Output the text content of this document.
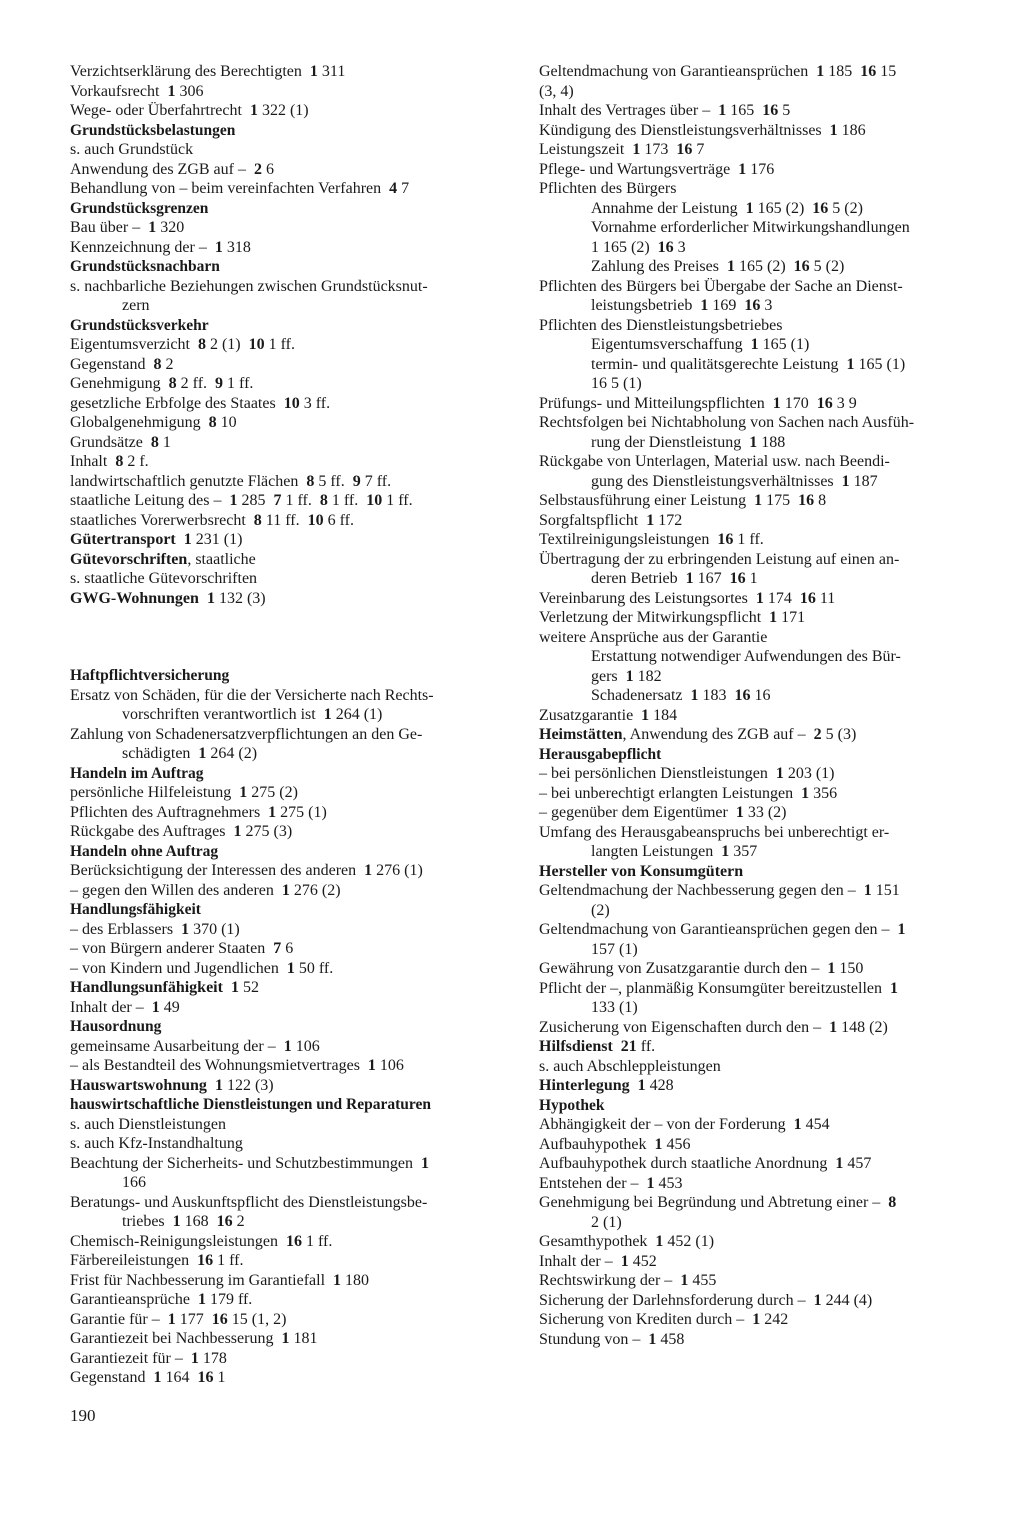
Verzichtserklärung des Berechtigten 1 311
Vorkaufsrecht 1 306
Wege- oder Überfahrtrecht 1 322 (1)
Grundstücksbelastungen
s. auch Grundstück
Anwendung des ZGB auf – 2 6
Behandlung von – beim vereinfachten Verfahren 4 7
Grundstücksgrenzen
Bau über – 1 320
Kennzeichnung der – 1 318
Grundstücksnachbarn
s. nachbarliche Beziehungen zwischen Grundstücksnut-
zern
Grundstücksverkehr
Eigentumsverzicht 8 2 (1) 10 1 ff.
Gegenstand 8 2
Genehmigung 8 2 ff. 9 1 ff.
gesetzliche Erbfolge des Staates 10 3 ff.
Globalgenehmigung 8 10
Grundsätze 8 1
Inhalt 8 2 f.
landwirtschaftlich genutzte Flächen 8 5 ff. 9 7 ff.
staatliche Leitung des – 1 285 7 1 ff. 8 1 ff. 10 1 ff.
staatliches Vorerwerbsrecht 8 11 ff. 10 6 ff.
Gütertransport 1 231 (1)
Gütevorschriften, staatliche
s. staatliche Gütevorschriften
GWG-Wohnungen 1 132 (3)
Haftpflichtversicherung
Ersatz von Schäden, für die der Versicherte nach Rechts-
vorschriften verantwortlich ist 1 264 (1)
Zahlung von Schadenersatzverpflichtungen an den Ge-
schädigten 1 264 (2)
Handeln im Auftrag
persönliche Hilfeleistung 1 275 (2)
Pflichten des Auftragnehmers 1 275 (1)
Rückgabe des Auftrages 1 275 (3)
Handeln ohne Auftrag
Berücksichtigung der Interessen des anderen 1 276 (1)
– gegen den Willen des anderen 1 276 (2)
Handlungsfähigkeit
– des Erblassers 1 370 (1)
– von Bürgern anderer Staaten 7 6
– von Kindern und Jugendlichen 1 50 ff.
Handlungsunfähigkeit 1 52
Inhalt der – 1 49
Hausordnung
gemeinsame Ausarbeitung der – 1 106
– als Bestandteil des Wohnungsmietvertrages 1 106
Hauswartswohnung 1 122 (3)
hauswirtschaftliche Dienstleistungen und Reparaturen
s. auch Dienstleistungen
s. auch Kfz-Instandhaltung
Beachtung der Sicherheits- und Schutzbestimmungen 1
166
Beratungs- und Auskunftspflicht des Dienstleistungsbe-
triebes 1 168 16 2
Chemisch-Reinigungsleistungen 16 1 ff.
Färbereileistungen 16 1 ff.
Frist für Nachbesserung im Garantiefall 1 180
Garantieansprüche 1 179 ff.
Garantie für – 1 177 16 15 (1, 2)
Garantiezeit bei Nachbesserung 1 181
Garantiezeit für – 1 178
Gegenstand 1 164 16 1
Geltendmachung von Garantieansprüchen 1 185 16 15
(3, 4)
Inhalt des Vertrages über – 1 165 16 5
Kündigung des Dienstleistungsverhältnisses 1 186
Leistungszeit 1 173 16 7
Pflege- und Wartungsverträge 1 176
Pflichten des Bürgers
Annahme der Leistung 1 165 (2) 16 5 (2)
Vornahme erforderlicher Mitwirkungshandlungen
1 165 (2) 16 3
Zahlung des Preises 1 165 (2) 16 5 (2)
Pflichten des Bürgers bei Übergabe der Sache an Dienst-
leistungsbetrieb 1 169 16 3
Pflichten des Dienstleistungsbetriebes
Eigentumsverschaffung 1 165 (1)
termin- und qualitätsgerechte Leistung 1 165 (1)
16 5 (1)
Prüfungs- und Mitteilungspflichten 1 170 16 3 9
Rechtsfolgen bei Nichtabholung von Sachen nach Ausfüh-
rung der Dienstleistung 1 188
Rückgabe von Unterlagen, Material usw. nach Beendi-
gung des Dienstleistungsverhältnisses 1 187
Selbstausführung einer Leistung 1 175 16 8
Sorgfaltspflicht 1 172
Textilreinigungsleistungen 16 1 ff.
Übertragung der zu erbringenden Leistung auf einen an-
deren Betrieb 1 167 16 1
Vereinbarung des Leistungsortes 1 174 16 11
Verletzung der Mitwirkungspflicht 1 171
weitere Ansprüche aus der Garantie
Erstattung notwendiger Aufwendungen des Bür-
gers 1 182
Schadenersatz 1 183 16 16
Zusatzgarantie 1 184
Heimstätten, Anwendung des ZGB auf – 2 5 (3)
Herausgabepflicht
– bei persönlichen Dienstleistungen 1 203 (1)
– bei unberechtigt erlangten Leistungen 1 356
– gegenüber dem Eigentümer 1 33 (2)
Umfang des Herausgabeanspruchs bei unberechtigt er-
langten Leistungen 1 357
Hersteller von Konsumgütern
Geltendmachung der Nachbesserung gegen den – 1 151
(2)
Geltendmachung von Garantieansprüchen gegen den – 1
157 (1)
Gewährung von Zusatzgarantie durch den – 1 150
Pflicht der –, planmäßig Konsumgüter bereitzustellen 1
133 (1)
Zusicherung von Eigenschaften durch den – 1 148 (2)
Hilfsdienst 21 ff.
s. auch Abschleppleistungen
Hinterlegung 1 428
Hypothek
Abhängigkeit der – von der Forderung 1 454
Aufbauhypothek 1 456
Aufbauhypothek durch staatliche Anordnung 1 457
Entstehen der – 1 453
Genehmigung bei Begründung und Abtretung einer – 8
2 (1)
Gesamthypothek 1 452 (1)
Inhalt der – 1 452
Rechtswirkung der – 1 455
Sicherung der Darlehnsforderung durch – 1 244 (4)
Sicherung von Krediten durch – 1 242
Stundung von – 1 458
190
